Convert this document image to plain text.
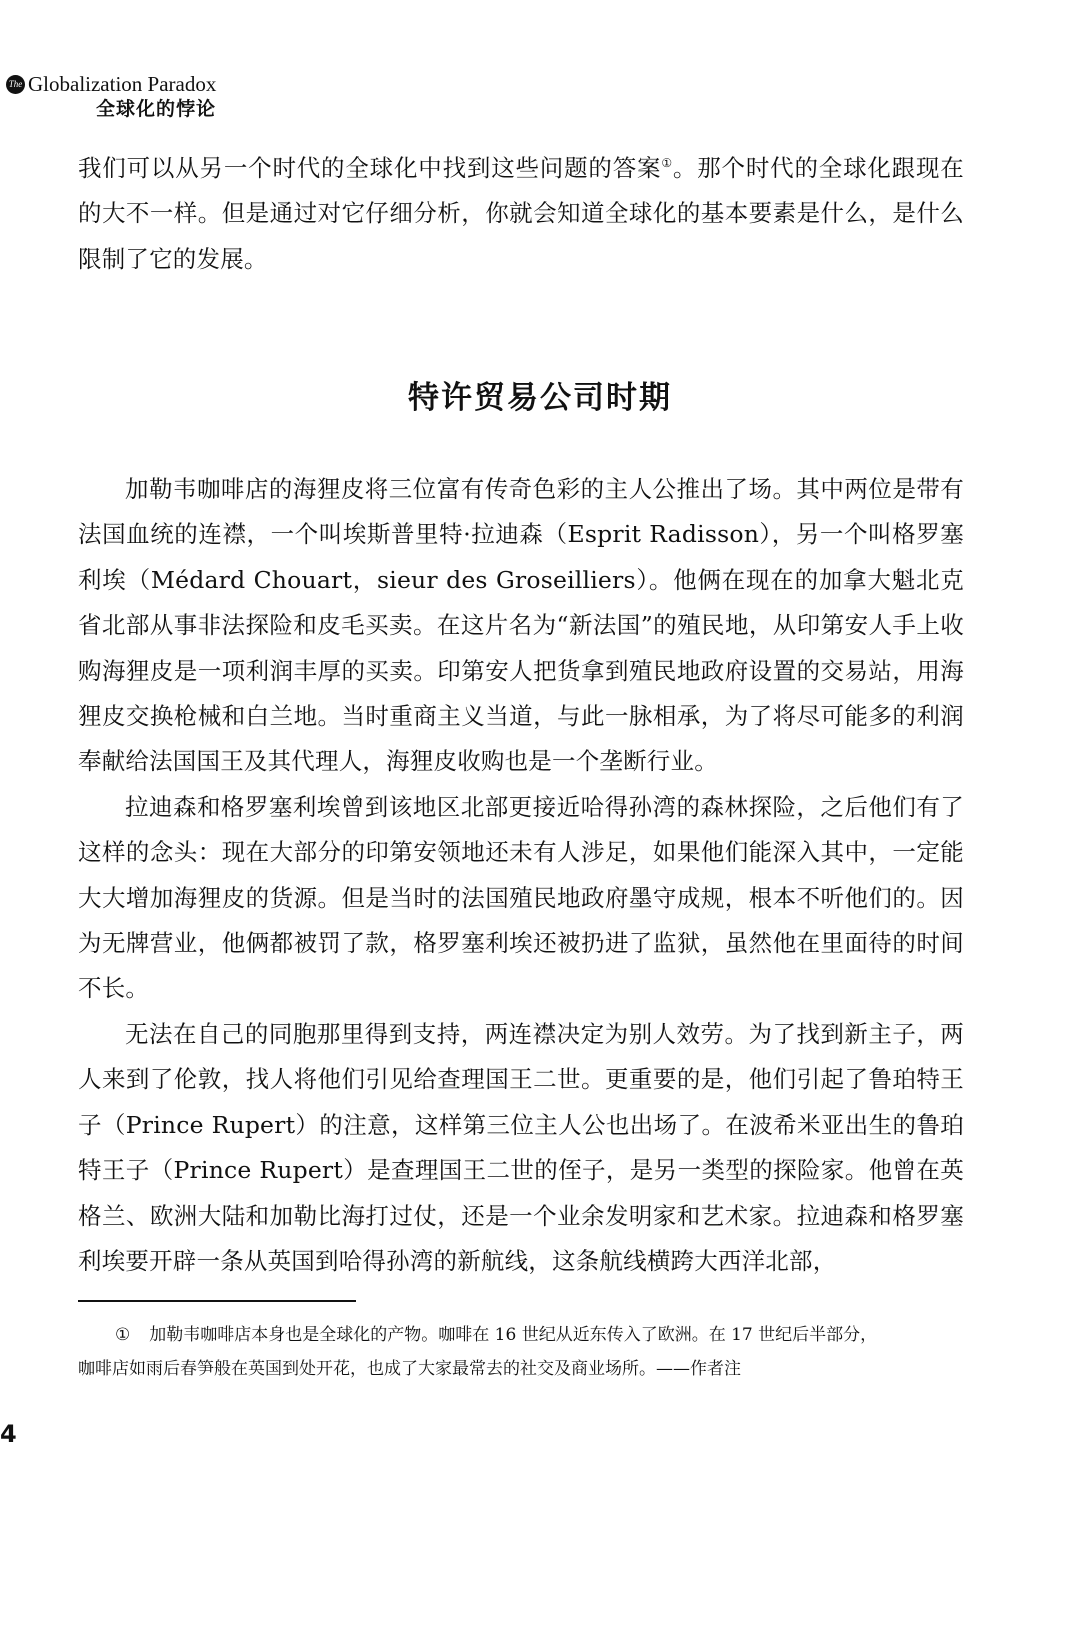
The Globalization Paradox
全球化的悖论

我们可以从另一个时代的全球化中找到这些问题的答案①。那个时代的全球化跟现在的大不一样。但是通过对它仔细分析，你就会知道全球化的基本要素是什么，是什么限制了它的发展。

特许贸易公司时期

加勒韦咖啡店的海狸皮将三位富有传奇色彩的主人公推出了场。其中两位是带有法国血统的连襟，一个叫埃斯普里特·拉迪森（Esprit Radisson），另一个叫格罗塞利埃（Médard Chouart，sieur des Groseilliers）。他俩在现在的加拿大魁北克省北部从事非法探险和皮毛买卖。在这片名为“新法国”的殖民地，从印第安人手上收购海狸皮是一项利润丰厚的买卖。印第安人把货拿到殖民地政府设置的交易站，用海狸皮交换枪械和白兰地。当时重商主义当道，与此一脉相承，为了将尽可能多的利润奉献给法国国王及其代理人，海狸皮收购也是一个垄断行业。

拉迪森和格罗塞利埃曾到该地区北部更接近哈得孙湾的森林探险，之后他们有了这样的念头：现在大部分的印第安领地还未有人涉足，如果他们能深入其中，一定能大大增加海狸皮的货源。但是当时的法国殖民地政府墨守成规，根本不听他们的。因为无牌营业，他俩都被罚了款，格罗塞利埃还被扔进了监狱，虽然他在里面待的时间不长。

无法在自己的同胞那里得到支持，两连襟决定为别人效劳。为了找到新主子，两人来到了伦敦，找人将他们引见给查理国王二世。更重要的是，他们引起了鲁珀特王子（Prince Rupert）的注意，这样第三位主人公也出场了。在波希米亚出生的鲁珀特王子（Prince Rupert）是查理国王二世的侄子，是另一类型的探险家。他曾在英格兰、欧洲大陆和加勒比海打过仗，还是一个业余发明家和艺术家。拉迪森和格罗塞利埃要开辟一条从英国到哈得孙湾的新航线，这条航线横跨大西洋北部，

① 加勒韦咖啡店本身也是全球化的产物。咖啡在 16 世纪从近东传入了欧洲。在 17 世纪后半部分，
咖啡店如雨后春笋般在英国到处开花，也成了大家最常去的社交及商业场所。——作者注
4
